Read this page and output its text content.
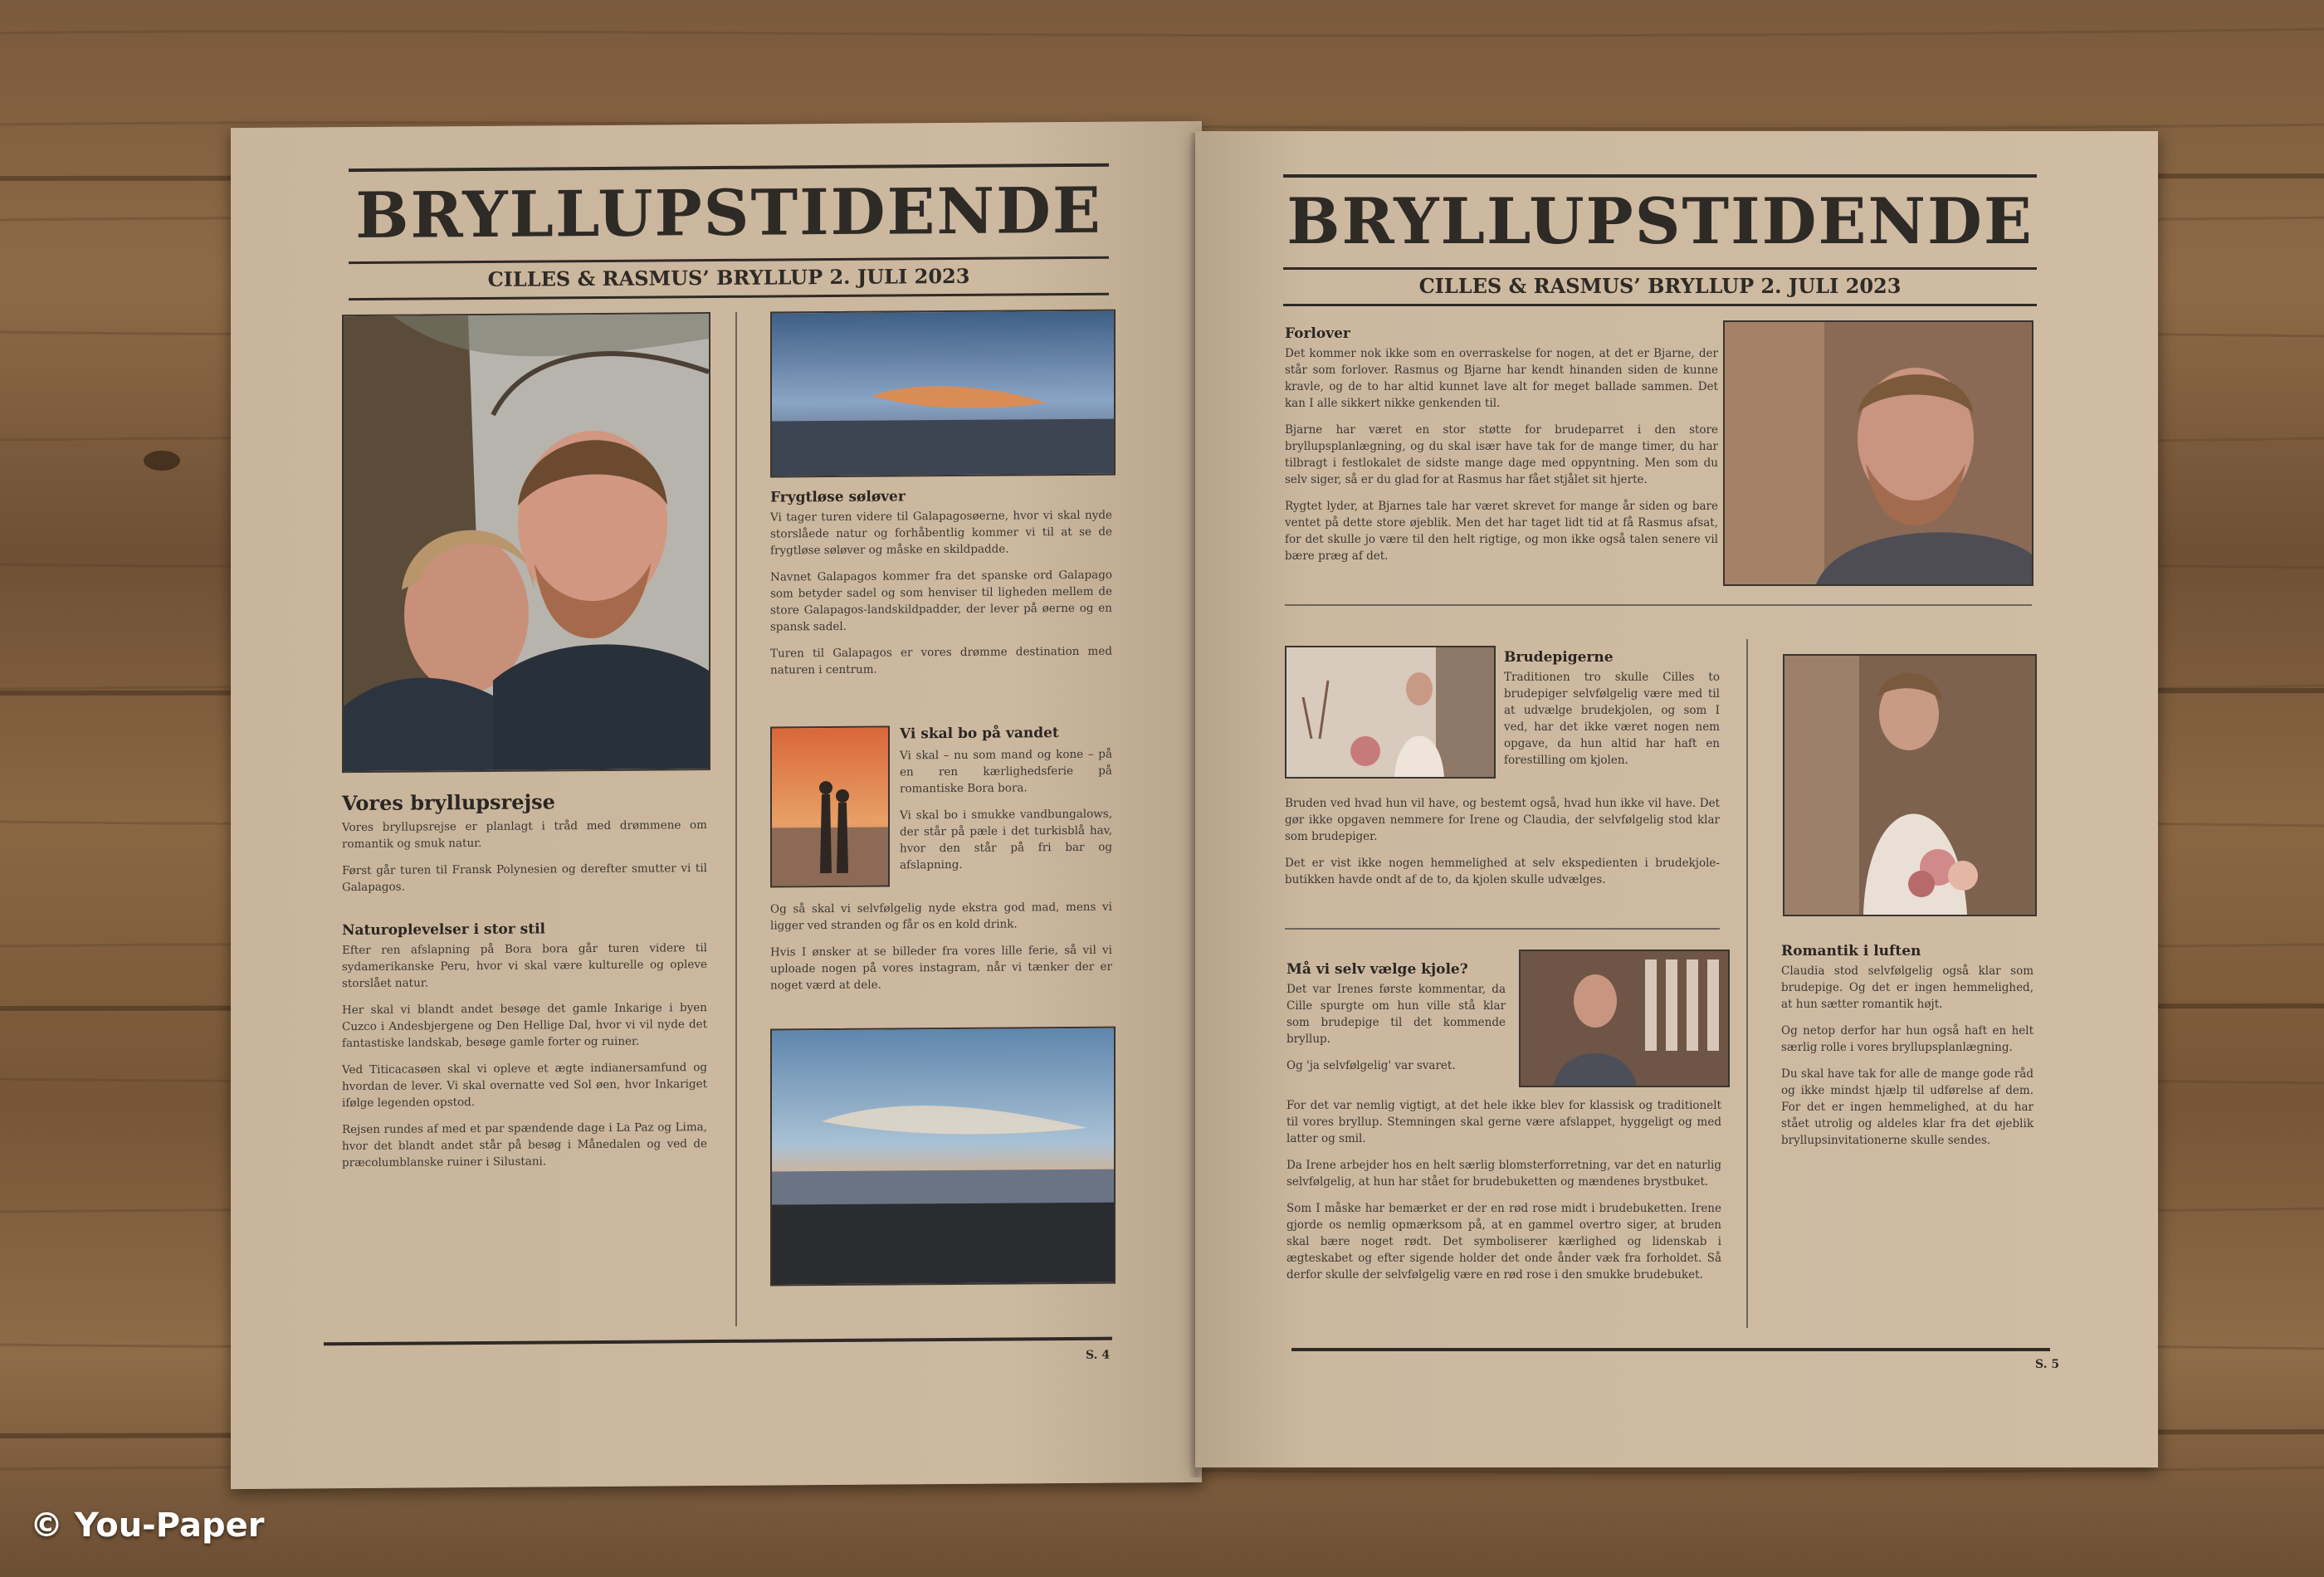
BRYLLUPSTIDENDE
CILLES & RASMUS’ BRYLLUP 2. JULI 2023
Vores bryllupsrejse

Vores bryllupsrejse er planlagt i tråd med drømmene om romantik og smuk natur.

Først går turen til Fransk Polynesien og derefter smutter vi til Galapagos.

Naturoplevelser i stor stil

Efter ren afslapning på Bora bora går turen videre til sydamerikanske Peru, hvor vi skal være kulturelle og opleve storslået natur.

Her skal vi blandt andet besøge det gamle Inkarige i byen Cuzco i Andesbjergene og Den Hellige Dal, hvor vi vil nyde det fantastiske landskab, besøge gamle forter og ruiner.

Ved Titicacasøen skal vi opleve et ægte indianersamfund og hvordan de lever. Vi skal overnatte ved Sol øen, hvor Inkariget ifølge legenden opstod.

Rejsen rundes af med et par spændende dage i La Paz og Lima, hvor det blandt andet står på besøg i Månedalen og ved de præcolumblanske ruiner i Silustani.

Frygtløse søløver

Vi tager turen videre til Galapagosøerne, hvor vi skal nyde storslåede natur og forhåbentlig kommer vi til at se de frygtløse søløver og måske en skildpadde.

Navnet Galapagos kommer fra det spanske ord Galapago som betyder sadel og som henviser til ligheden mellem de store Galapagos-landskildpadder, der lever på øerne og en spansk sadel.

Turen til Galapagos er vores drømme destination med naturen i centrum.

Vi skal bo på vandet

Vi skal – nu som mand og kone – på en ren kærlighedsferie på romantiske Bora bora.

Vi skal bo i smukke vandbungalows, der står på pæle i det turkisblå hav, hvor den står på fri bar og afslapning.

Og så skal vi selvfølgelig nyde ekstra god mad, mens vi ligger ved stranden og får os en kold drink.

Hvis I ønsker at se billeder fra vores lille ferie, så vil vi uploade nogen på vores instagram, når vi tænker der er noget værd at dele.

S. 4
BRYLLUPSTIDENDE
CILLES & RASMUS’ BRYLLUP 2. JULI 2023
Forlover

Det kommer nok ikke som en overraskelse for nogen, at det er Bjarne, der står som forlover. Rasmus og Bjarne har kendt hinanden siden de kunne kravle, og de to har altid kunnet lave alt for meget ballade sammen. Det kan I alle sikkert nikke genkenden til.

Bjarne har været en stor støtte for brudeparret i den store bryllupsplanlægning, og du skal især have tak for de mange timer, du har tilbragt i festlokalet de sidste mange dage med oppyntning. Men som du selv siger, så er du glad for at Rasmus har fået stjålet sit hjerte.

Rygtet lyder, at Bjarnes tale har været skrevet for mange år siden og bare ventet på dette store øjeblik. Men det har taget lidt tid at få Rasmus afsat, for det skulle jo være til den helt rigtige, og mon ikke også talen senere vil bære præg af det.

Brudepigerne

Traditionen tro skulle Cilles to brudepiger selvfølgelig være med til at udvælge brudekjolen, og som I ved, har det ikke været nogen nem opgave, da hun altid har haft en forestilling om kjolen.

Bruden ved hvad hun vil have, og bestemt også, hvad hun ikke vil have. Det gør ikke opgaven nemmere for Irene og Claudia, der selvfølgelig stod klar som brudepiger.

Det er vist ikke nogen hemmelighed at selv ekspedienten i brudekjole-butikken havde ondt af de to, da kjolen skulle udvælges.

Må vi selv vælge kjole?

Det var Irenes første kommentar, da Cille spurgte om hun ville stå klar som brudepige til det kommende bryllup.

Og 'ja selvfølgelig' var svaret.

For det var nemlig vigtigt, at det hele ikke blev for klassisk og traditionelt til vores bryllup. Stemningen skal gerne være afslappet, hyggeligt og med latter og smil.

Da Irene arbejder hos en helt særlig blomsterforretning, var det en naturlig selvfølgelig, at hun har stået for brudebuketten og mændenes brystbuket.

Som I måske har bemærket er der en rød rose midt i brudebuketten. Irene gjorde os nemlig opmærksom på, at en gammel overtro siger, at bruden skal bære noget rødt. Det symboliserer kærlighed og lidenskab i ægteskabet og efter sigende holder det onde ånder væk fra forholdet. Så derfor skulle der selvfølgelig være en rød rose i den smukke brudebuket.

Romantik i luften

Claudia stod selvfølgelig også klar som brudepige. Og det er ingen hemmelighed, at hun sætter romantik højt.

Og netop derfor har hun også haft en helt særlig rolle i vores bryllupsplanlægning.

Du skal have tak for alle de mange gode råd og ikke mindst hjælp til udførelse af dem. For det er ingen hemmelighed, at du har stået utrolig og aldeles klar fra det øjeblik bryllupsinvitationerne skulle sendes.

S. 5
© You-Paper
